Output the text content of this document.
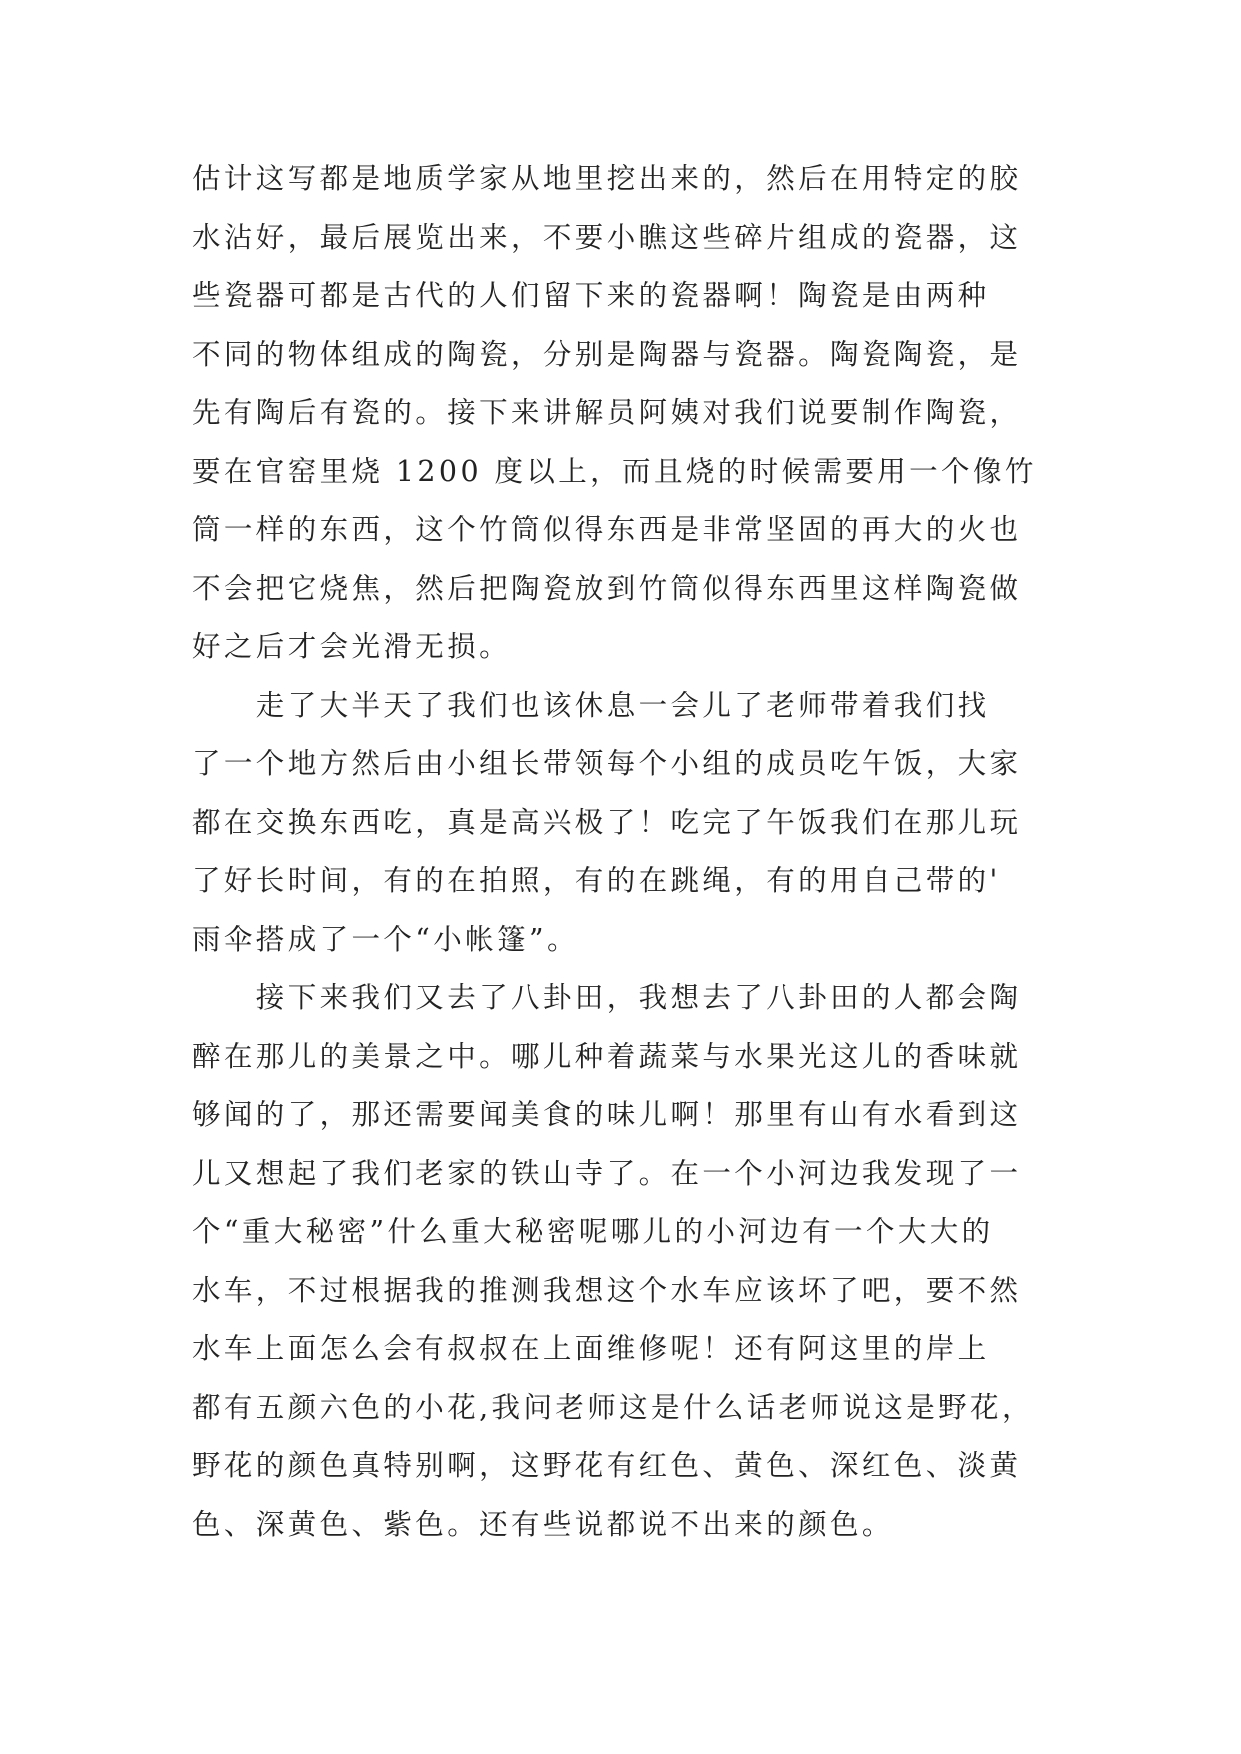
估计这写都是地质学家从地里挖出来的，然后在用特定的胶
水沾好，最后展览出来，不要小瞧这些碎片组成的瓷器，这
些瓷器可都是古代的人们留下来的瓷器啊！陶瓷是由两种
不同的物体组成的陶瓷，分别是陶器与瓷器。陶瓷陶瓷，是
先有陶后有瓷的。接下来讲解员阿姨对我们说要制作陶瓷，
要在官窑里烧 1200 度以上，而且烧的时候需要用一个像竹
筒一样的东西，这个竹筒似得东西是非常坚固的再大的火也
不会把它烧焦，然后把陶瓷放到竹筒似得东西里这样陶瓷做
好之后才会光滑无损。
　　走了大半天了我们也该休息一会儿了老师带着我们找
了一个地方然后由小组长带领每个小组的成员吃午饭，大家
都在交换东西吃，真是高兴极了！吃完了午饭我们在那儿玩
了好长时间，有的在拍照，有的在跳绳，有的用自己带的'
雨伞搭成了一个“小帐篷”。
　　接下来我们又去了八卦田，我想去了八卦田的人都会陶
醉在那儿的美景之中。哪儿种着蔬菜与水果光这儿的香味就
够闻的了，那还需要闻美食的味儿啊！那里有山有水看到这
儿又想起了我们老家的铁山寺了。在一个小河边我发现了一
个“重大秘密”什么重大秘密呢哪儿的小河边有一个大大的
水车，不过根据我的推测我想这个水车应该坏了吧，要不然
水车上面怎么会有叔叔在上面维修呢！还有阿这里的岸上
都有五颜六色的小花,我问老师这是什么话老师说这是野花，
野花的颜色真特别啊，这野花有红色、黄色、深红色、淡黄
色、深黄色、紫色。还有些说都说不出来的颜色。
